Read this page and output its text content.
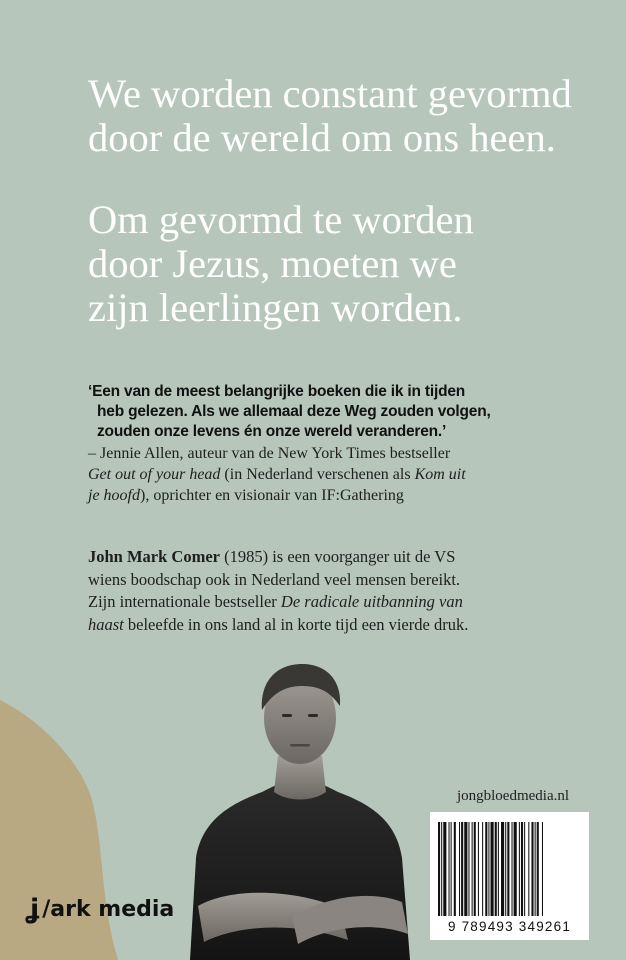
We worden constant gevormd
door de wereld om ons heen.

Om gevormd te worden
door Jezus, moeten we
zijn leerlingen worden.

‘Een van de meest belangrijke boeken die ik in tijden
heb gelezen. Als we allemaal deze Weg zouden volgen,
zouden onze levens én onze wereld veranderen.’
– Jennie Allen, auteur van de New York Times bestseller
Get out of your head (in Nederland verschenen als Kom uit
je hoofd), oprichter en visionair van IF:Gathering
John Mark Comer (1985) is een voorganger uit de VS
wiens boodschap ook in Nederland veel mensen bereikt.
Zijn internationale bestseller De radicale uitbanning van
haast beleefde in ons land al in korte tijd een vierde druk.
ʝ /ark media
jongbloedmedia.nl
9 789493 349261
